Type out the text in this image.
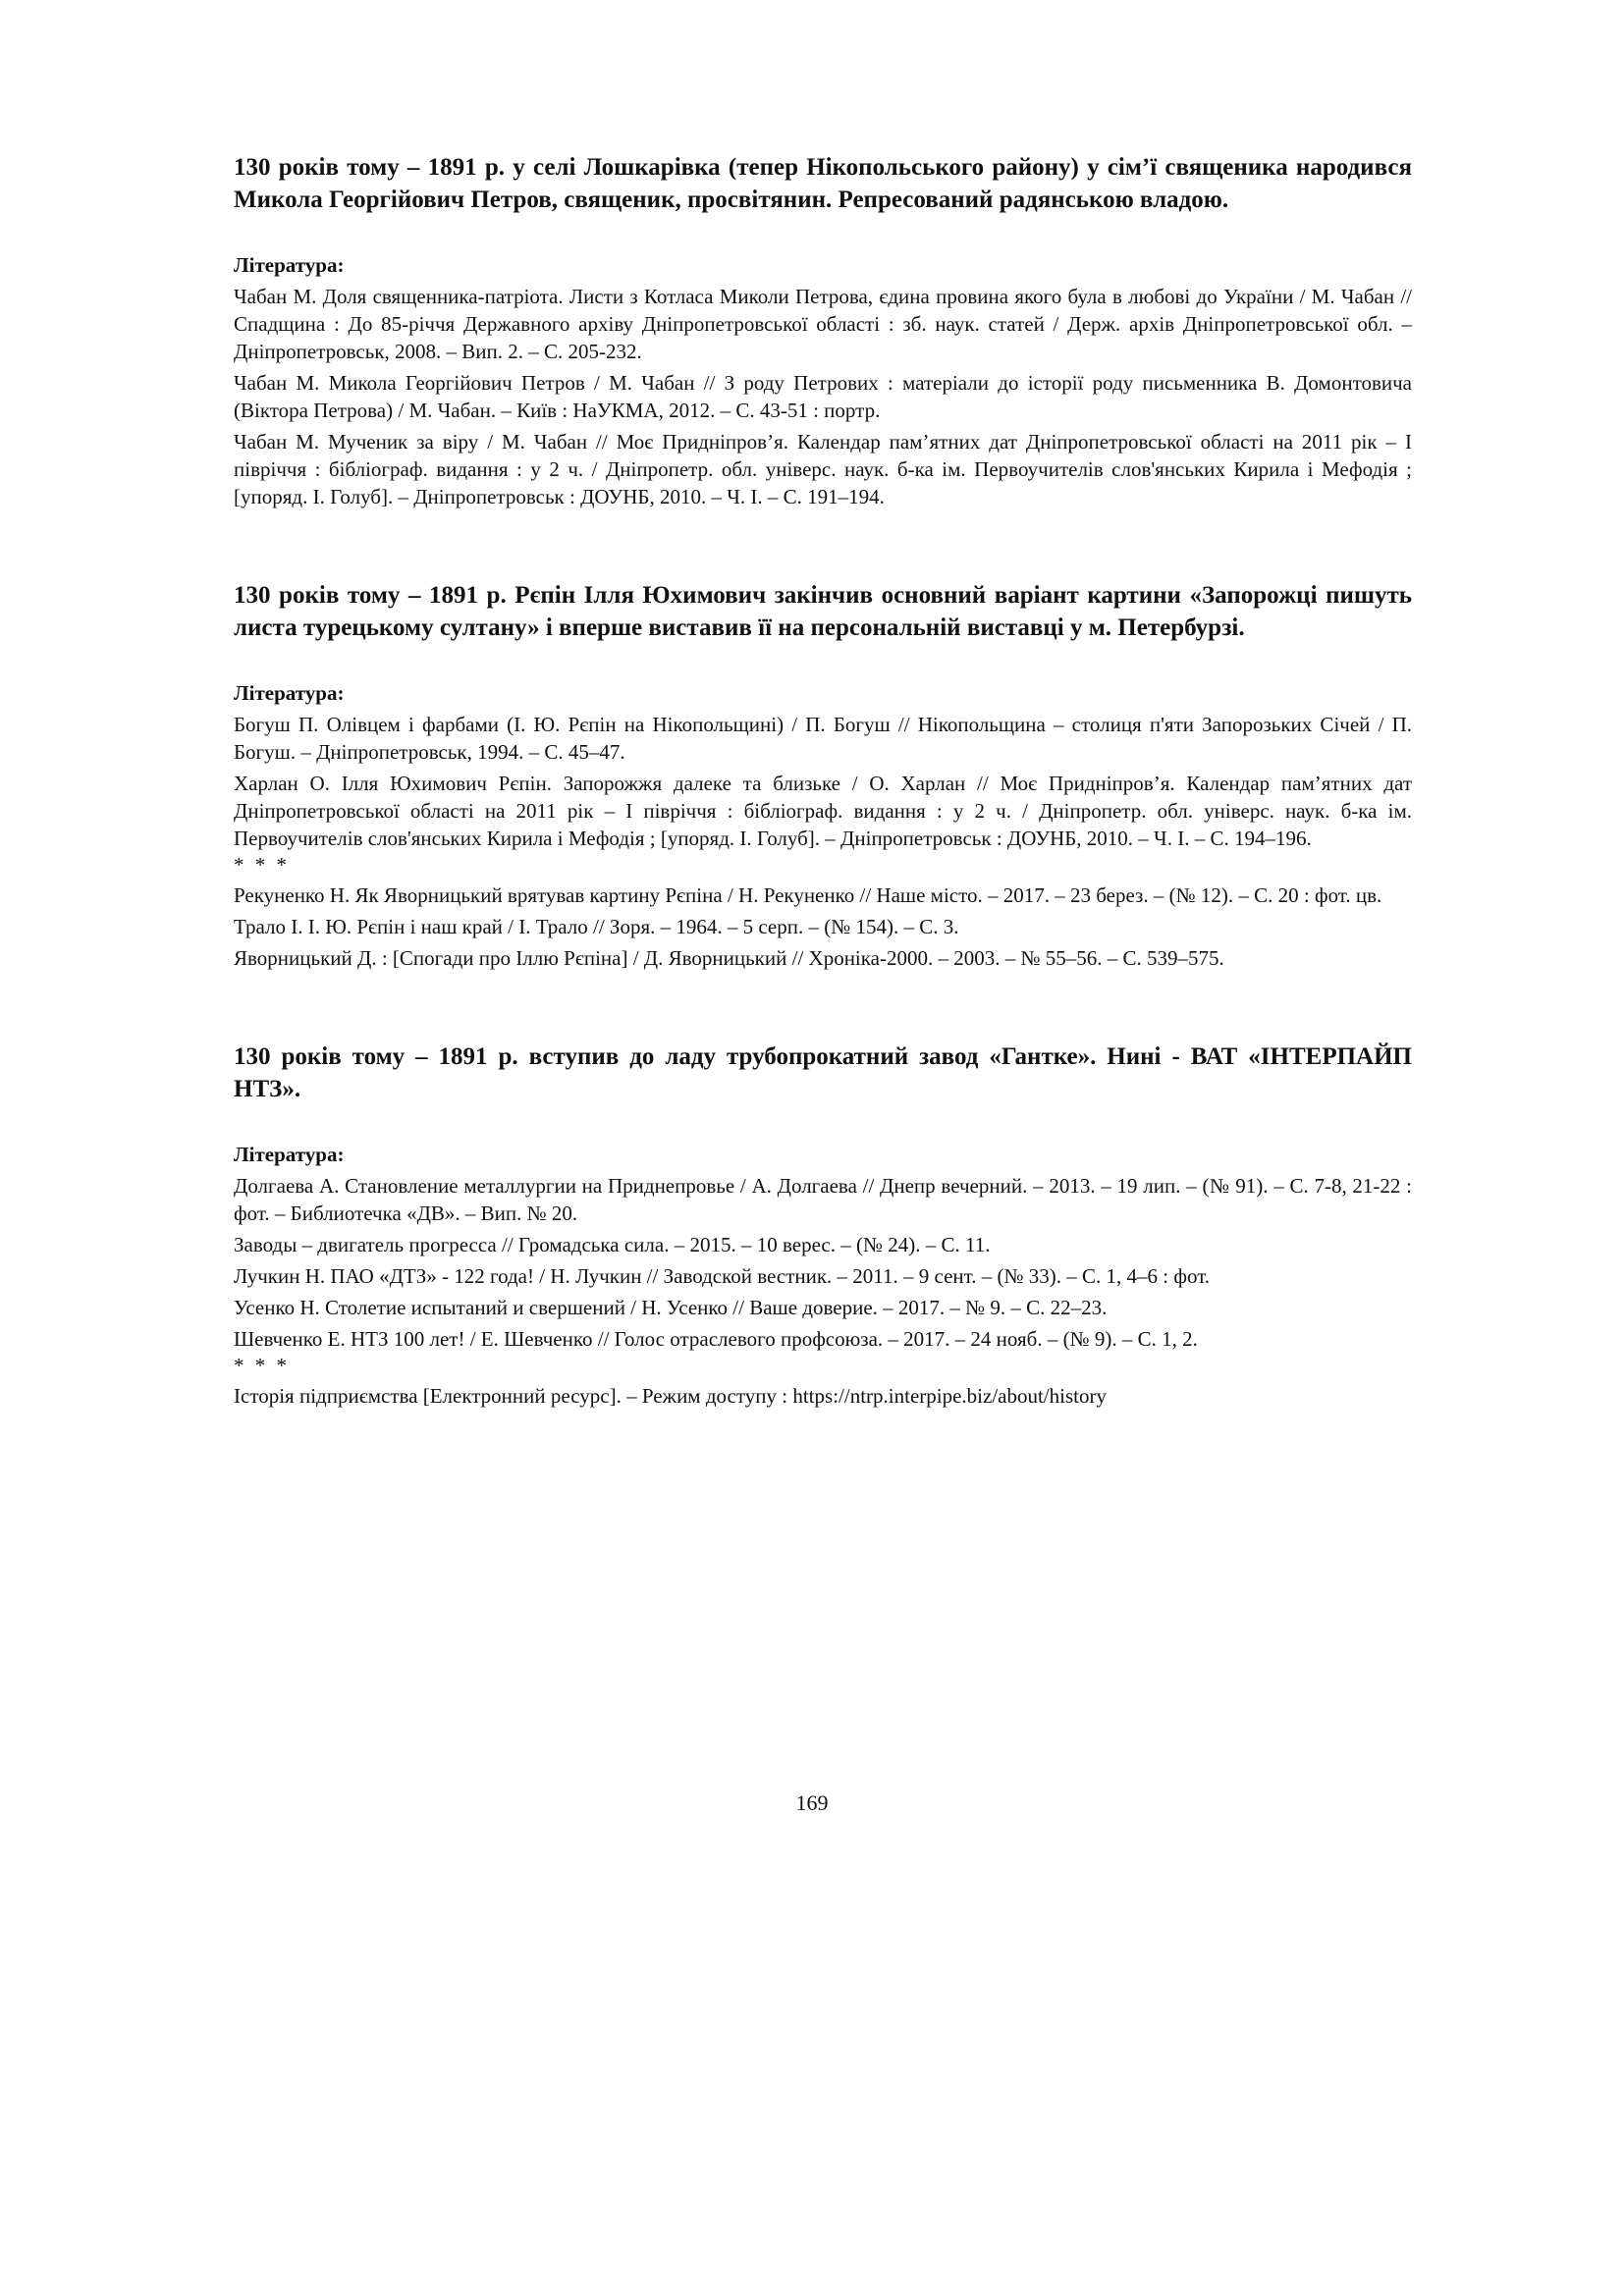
130 років тому – 1891 р. у селі Лошкарівка (тепер Нікопольського району) у сім’ї священика народився Микола Георгійович Петров, священик, просвітянин. Репресований радянською владою.

Література:

Чабан М. Доля священника-патріота. Листи з Котласа Миколи Петрова, єдина провина якого була в любові до України / М. Чабан // Спадщина : До 85-річчя Державного архіву Дніпропетровської області : зб. наук. статей / Держ. архів Дніпропетровської обл. – Дніпропетровськ, 2008. – Вип. 2. – С. 205-232.
Чабан М. Микола Георгійович Петров / М. Чабан // З роду Петрових : матеріали до історії роду письменника В. Домонтовича (Віктора Петрова) / М. Чабан. – Київ : НаУКМА, 2012. – С. 43-51 : портр.
Чабан М. Мученик за віру / М. Чабан // Моє Придніпров’я. Календар пам’ятних дат Дніпропетровської області на 2011 рік – І півріччя : бібліограф. видання : у 2 ч. / Дніпропетр. обл. універс. наук. б-ка ім. Первоучителів слов'янських Кирила і Мефодія ; [упоряд. І. Голуб]. – Дніпропетровськ : ДОУНБ, 2010. – Ч. І. – С. 191–194.

130 років тому – 1891 р. Рєпін Ілля Юхимович закінчив основний варіант картини «Запорожці пишуть листа турецькому султану» і вперше виставив її на персональній виставці у м. Петербурзі.

Література:

Богуш П. Олівцем і фарбами (І. Ю. Рєпін на Нікопольщині) / П. Богуш // Нікопольщина – столиця п'яти Запорозьких Січей / П. Богуш. – Дніпропетровськ, 1994. – С. 45–47.
Харлан О. Ілля Юхимович Рєпін. Запорожжя далеке та близьке / О. Харлан // Моє Придніпров’я. Календар пам’ятних дат Дніпропетровської області на 2011 рік – І півріччя : бібліограф. видання : у 2 ч. / Дніпропетр. обл. універс. наук. б-ка ім. Первоучителів слов'янських Кирила і Мефодія ; [упоряд. І. Голуб]. – Дніпропетровськ : ДОУНБ, 2010. – Ч. І. – С. 194–196.
* * *
Рекуненко Н. Як Яворницький врятував картину Рєпіна / Н. Рекуненко // Наше місто. – 2017. – 23 берез. – (№ 12). – С. 20 : фот. цв.
Трало І. І. Ю. Рєпін і наш край / І. Трало // Зоря. – 1964. – 5 серп. – (№ 154). – С. 3.
Яворницький Д. : [Спогади про Іллю Рєпіна] / Д. Яворницький // Хроніка-2000. – 2003. – № 55–56. – С. 539–575.

130 років тому – 1891 р. вступив до ладу трубопрокатний завод «Гантке». Нині - ВАТ «ІНТЕРПАЙП НТЗ».

Література:

Долгаева А. Становление металлургии на Приднепровье / А. Долгаева // Днепр вечерний. – 2013. – 19 лип. – (№ 91). – С. 7-8, 21-22 : фот. – Библиотечка «ДВ». – Вип. № 20.
Заводы – двигатель прогресса // Громадська сила. – 2015. – 10 верес. – (№ 24). – С. 11.
Лучкин Н. ПАО «ДТЗ» - 122 года! / Н. Лучкин // Заводской вестник. – 2011. – 9 сент. – (№ 33). – С. 1, 4–6 : фот.
Усенко Н. Столетие испытаний и свершений / Н. Усенко // Ваше доверие. – 2017. – № 9. – С. 22–23.
Шевченко Е. НТЗ 100 лет! / Е. Шевченко // Голос отраслевого профсоюза. – 2017. – 24 нояб. – (№ 9). – С. 1, 2.
* * *
Історія підприємства [Електронний ресурс]. – Режим доступу : https://ntrp.interpipe.biz/about/history
169
